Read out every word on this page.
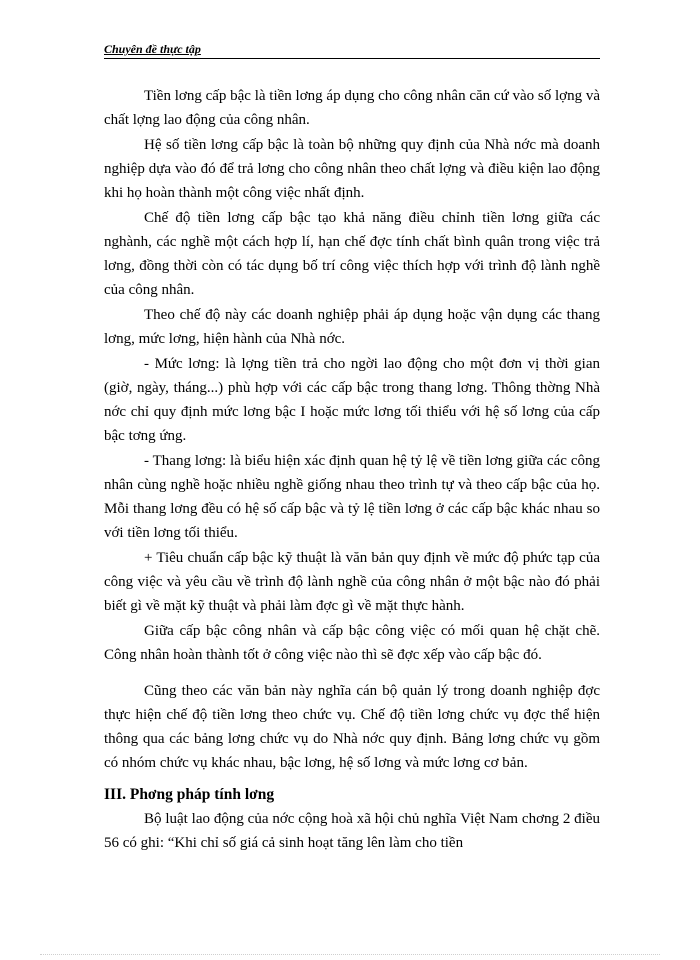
Chuyên đề thực tập

Tiền lơng cấp bậc là tiền lơng áp dụng cho công nhân căn cứ vào số lợng và chất lợng lao động của công nhân.

Hệ số tiền lơng cấp bậc là toàn bộ những quy định của Nhà nớc mà doanh nghiệp dựa vào đó để trả lơng cho công nhân theo chất lợng và điều kiện lao động khi họ hoàn thành một công việc nhất định.

Chế độ tiền lơng cấp bậc tạo khả năng điều chỉnh tiền lơng giữa các nghành, các nghề một cách hợp lí, hạn chế đợc tính chất bình quân trong việc trả lơng, đồng thời còn có tác dụng bố trí công việc thích hợp với trình độ lành nghề của công nhân.

Theo chế độ này các doanh nghiệp phải áp dụng hoặc vận dụng các thang lơng, mức lơng, hiện hành của Nhà nớc.

- Mức lơng: là lợng tiền trả cho ngời lao động cho một đơn vị thời gian (giờ, ngày, tháng...) phù hợp với các cấp bậc trong thang lơng. Thông thờng Nhà nớc chỉ quy định mức lơng bậc I hoặc mức lơng tối thiểu với hệ số lơng của cấp bậc tơng ứng.

- Thang lơng: là biểu hiện xác định quan hệ tỷ lệ về tiền lơng giữa các công nhân cùng nghề hoặc nhiều nghề giống nhau theo trình tự và theo cấp bậc của họ. Mỗi thang lơng đều có hệ số cấp bậc và tỷ lệ tiền lơng ở các cấp bậc khác nhau so với tiền lơng tối thiểu.

+ Tiêu chuẩn cấp bậc kỹ thuật là văn bản quy định về mức độ phức tạp của công việc và yêu cầu về trình độ lành nghề của công nhân ở một bậc nào đó phải biết gì về mặt kỹ thuật và phải làm đợc gì về mặt thực hành.

Giữa cấp bậc công nhân và cấp bậc công việc có mối quan hệ chặt chẽ. Công nhân hoàn thành tốt ở công việc nào thì sẽ đợc xếp vào cấp bậc đó.

Cũng theo các văn bản này nghĩa cán bộ quản lý trong doanh nghiệp đợc thực hiện chế độ tiền lơng theo chức vụ. Chế độ tiền lơng chức vụ đợc thể hiện thông qua các bảng lơng chức vụ do Nhà nớc quy định. Bảng lơng chức vụ gồm có nhóm chức vụ khác nhau, bậc lơng, hệ số lơng và mức lơng cơ bản.

III. Phơng pháp tính lơng

Bộ luật lao động của nớc cộng hoà xã hội chủ nghĩa Việt Nam chơng 2 điều 56 có ghi: “Khi chỉ số giá cả sinh hoạt tăng lên làm cho tiền
